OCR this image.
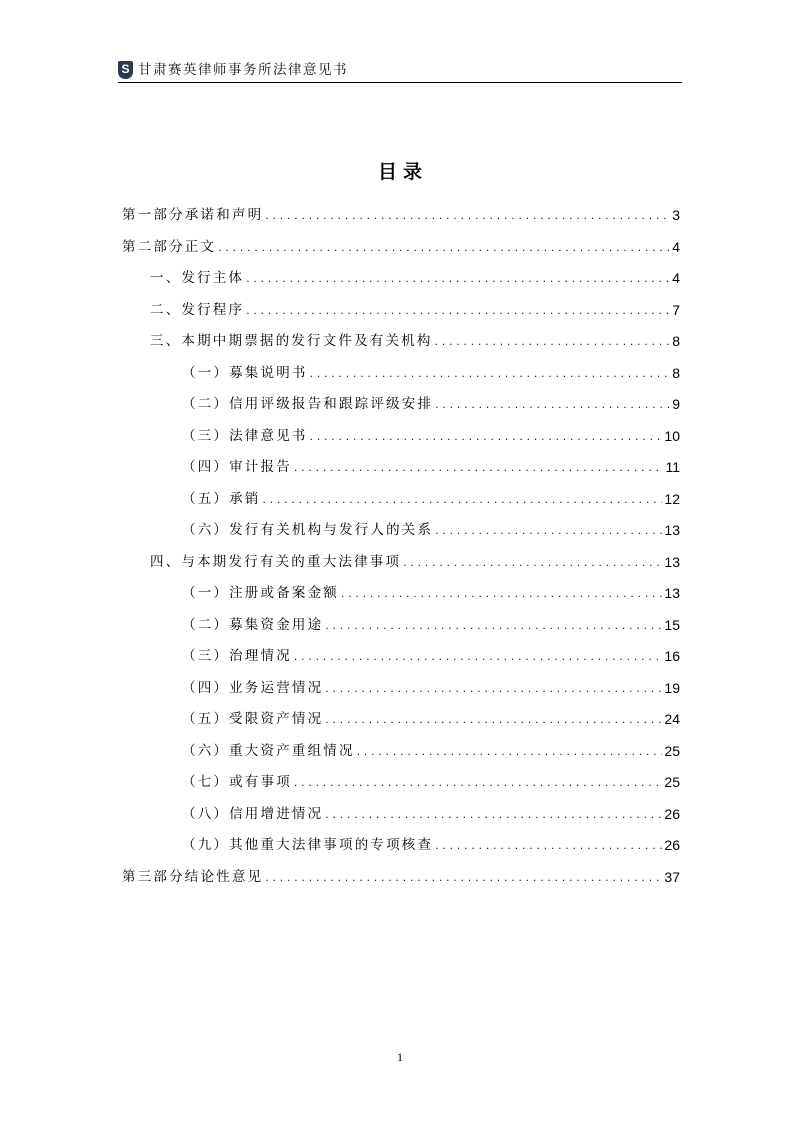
S
甘肃赛英律师事务所法律意见书
目录
第一部分承诺和声明 .....	3
第二部分正文 .....	4
一、发行主体 .....	4
二、发行程序 .....	7
三、本期中期票据的发行文件及有关机构 .....	8
（一）募集说明书 .....	8
（二）信用评级报告和跟踪评级安排 .....	9
（三）法律意见书 .....	10
（四）审计报告 .....	11
（五）承销 .....	12
（六）发行有关机构与发行人的关系 .....	13
四、与本期发行有关的重大法律事项 .....	13
（一）注册或备案金额 .....	13
（二）募集资金用途 .....	15
（三）治理情况 .....	16
（四）业务运营情况 .....	19
（五）受限资产情况 .....	24
（六）重大资产重组情况 .....	25
（七）或有事项 .....	25
（八）信用增进情况 .....	26
（九）其他重大法律事项的专项核查 .....	26
第三部分结论性意见 .....	37
1
